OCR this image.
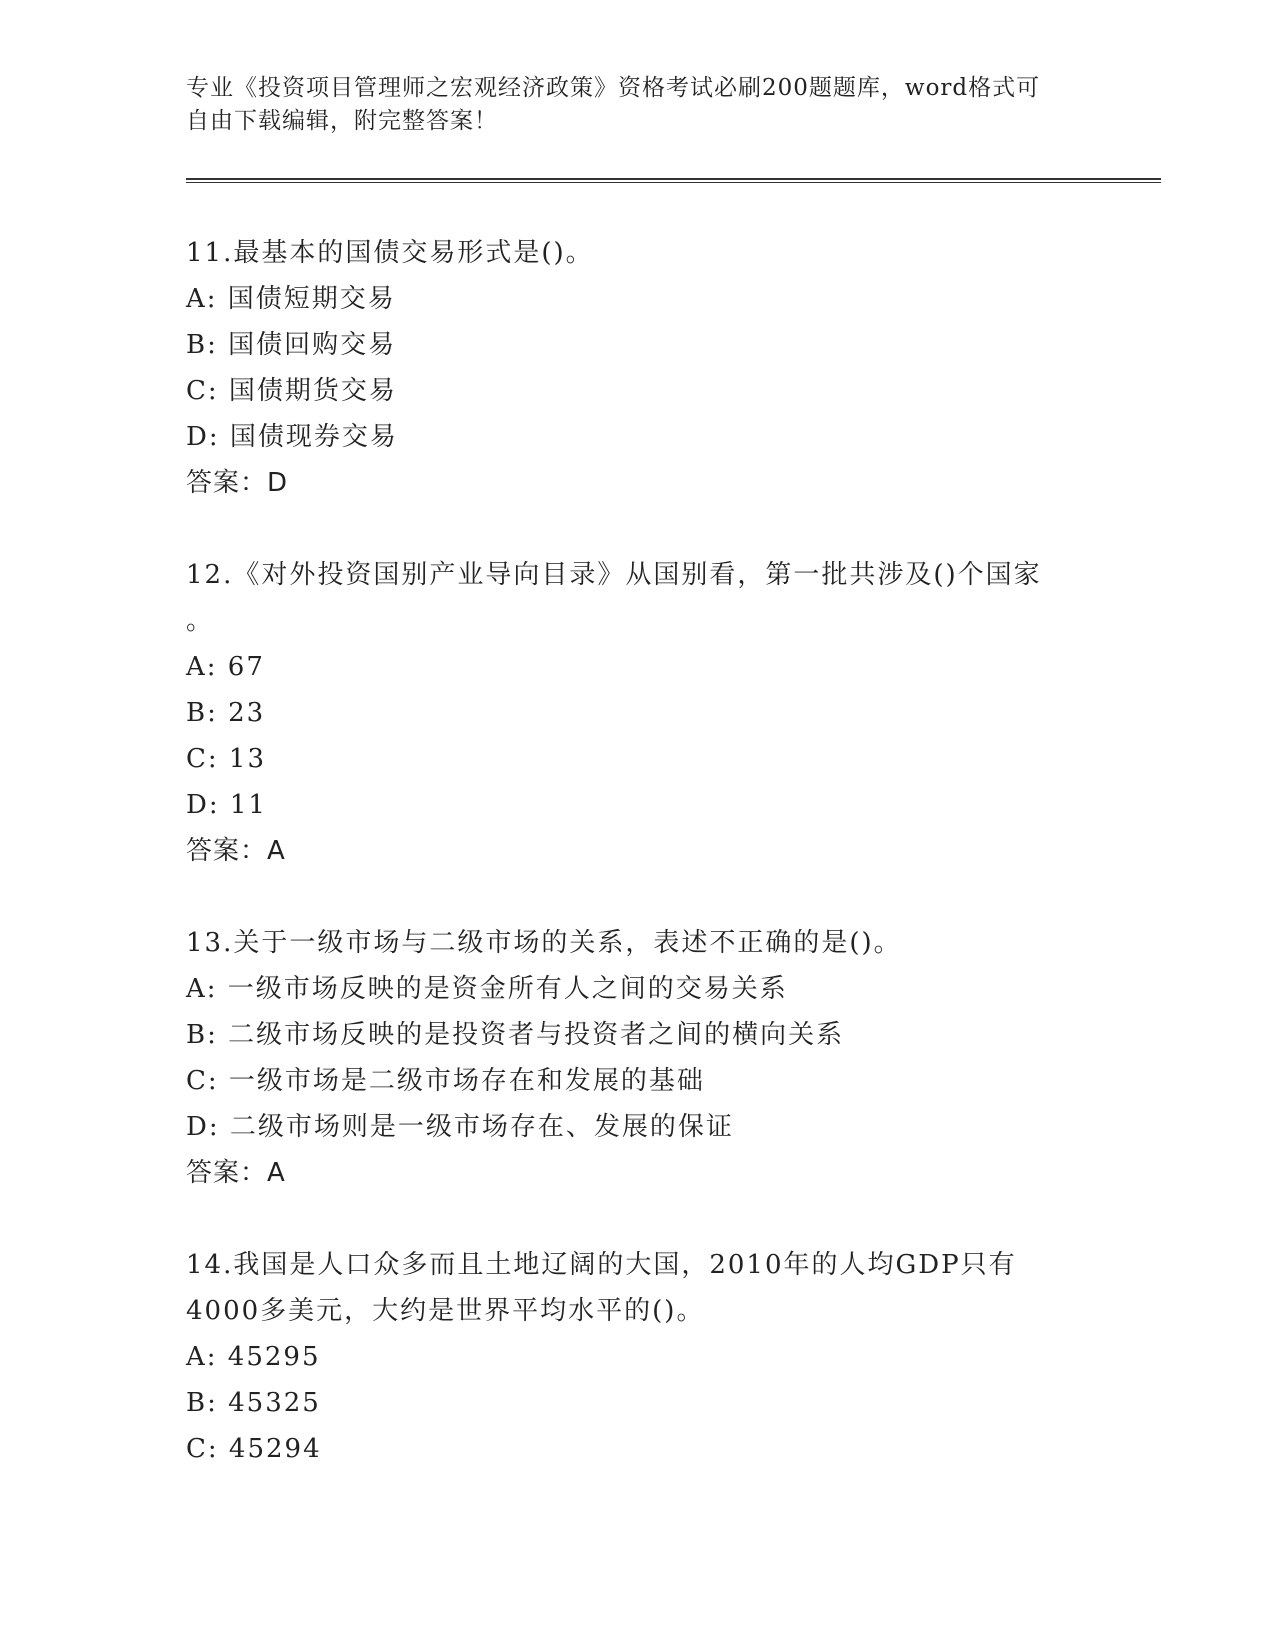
专业《投资项目管理师之宏观经济政策》资格考试必刷200题题库，word格式可
自由下载编辑，附完整答案！
11.最基本的国债交易形式是()。
A: 国债短期交易
B: 国债回购交易
C: 国债期货交易
D: 国债现券交易
答案：D
12.《对外投资国别产业导向目录》从国别看，第一批共涉及()个国家
。
A: 67
B: 23
C: 13
D: 11
答案：A
13.关于一级市场与二级市场的关系，表述不正确的是()。
A: 一级市场反映的是资金所有人之间的交易关系
B: 二级市场反映的是投资者与投资者之间的横向关系
C: 一级市场是二级市场存在和发展的基础
D: 二级市场则是一级市场存在、发展的保证
答案：A
14.我国是人口众多而且土地辽阔的大国，2010年的人均GDP只有
4000多美元，大约是世界平均水平的()。
A: 45295
B: 45325
C: 45294
